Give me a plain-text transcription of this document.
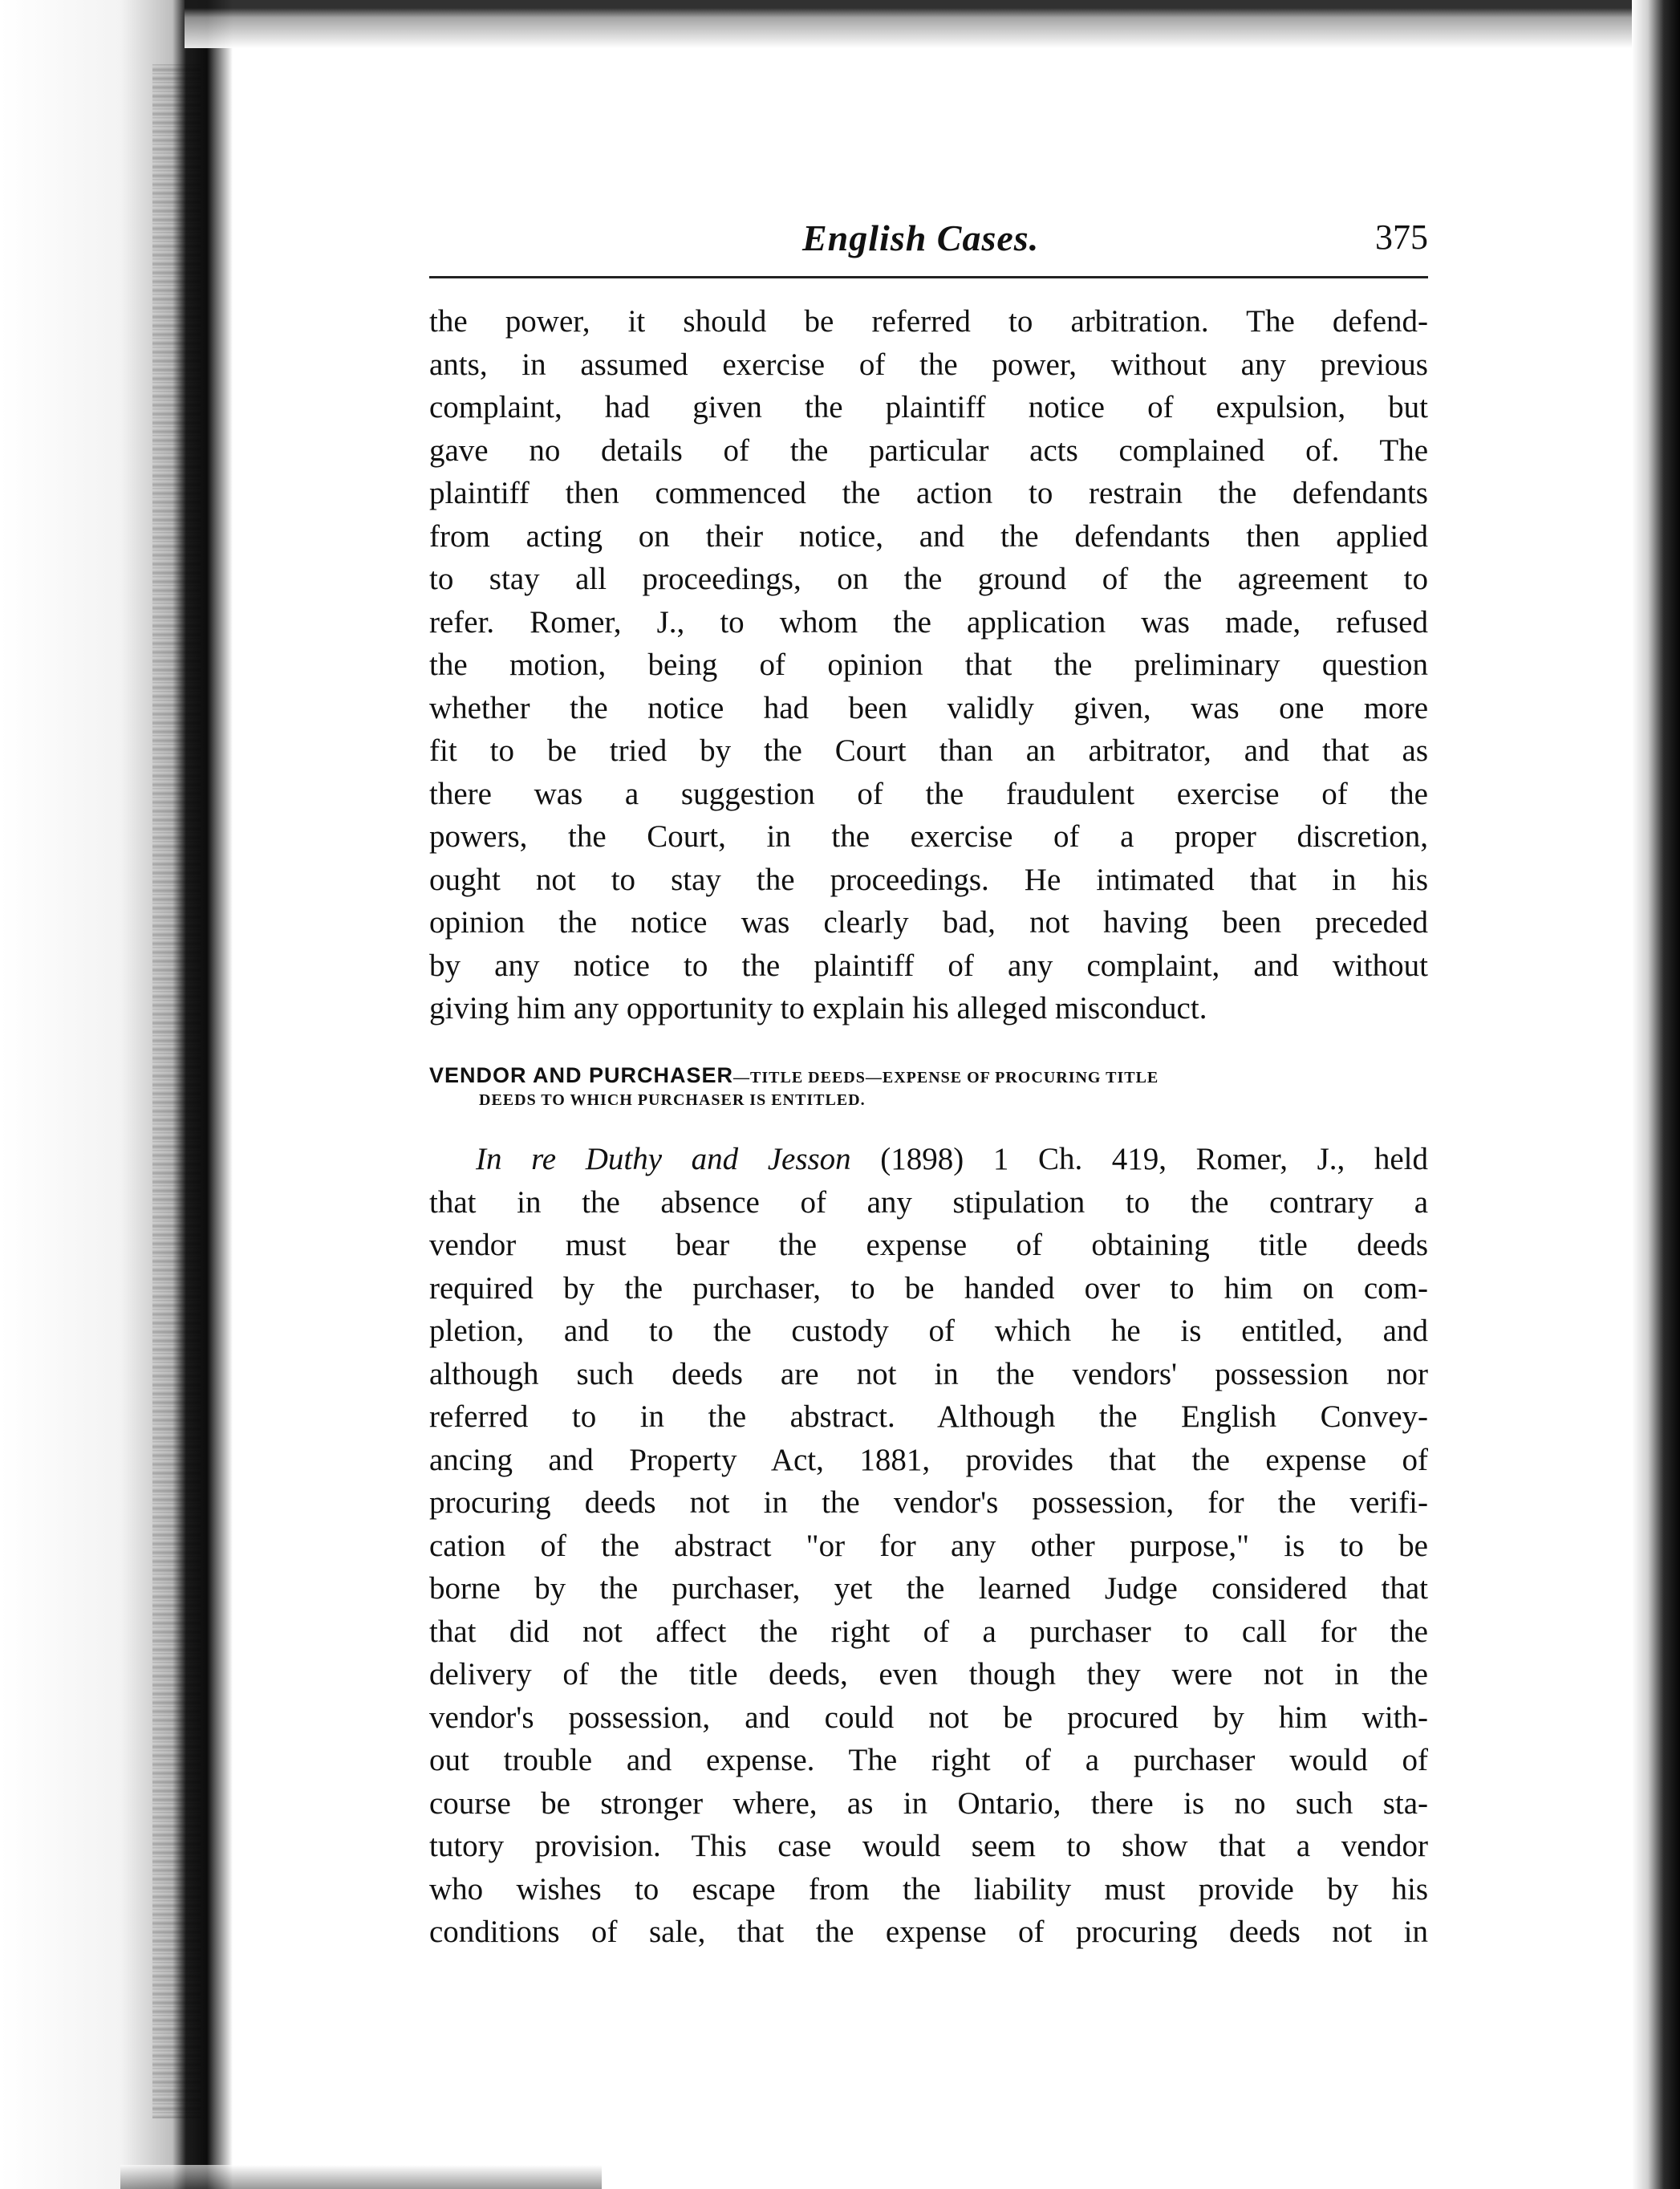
English Cases.	375
the power, it should be referred to arbitration. The defend-
ants, in assumed exercise of the power, without any previous
complaint, had given the plaintiff notice of expulsion, but
gave no details of the particular acts complained of. The
plaintiff then commenced the action to restrain the defendants
from acting on their notice, and the defendants then applied
to stay all proceedings, on the ground of the agreement to
refer. Romer, J., to whom the application was made, refused
the motion, being of opinion that the preliminary question
whether the notice had been validly given, was one more
fit to be tried by the Court than an arbitrator, and that as
there was a suggestion of the fraudulent exercise of the
powers, the Court, in the exercise of a proper discretion,
ought not to stay the proceedings. He intimated that in his
opinion the notice was clearly bad, not having been preceded
by any notice to the plaintiff of any complaint, and without
giving him any opportunity to explain his alleged misconduct.
VENDOR AND PURCHASER—TITLE DEEDS—EXPENSE OF PROCURING TITLE
DEEDS TO WHICH PURCHASER IS ENTITLED.
In re Duthy and Jesson (1898) 1 Ch. 419, Romer, J., held
that in the absence of any stipulation to the contrary a
vendor must bear the expense of obtaining title deeds
required by the purchaser, to be handed over to him on com-
pletion, and to the custody of which he is entitled, and
although such deeds are not in the vendors' possession nor
referred to in the abstract. Although the English Convey-
ancing and Property Act, 1881, provides that the expense of
procuring deeds not in the vendor's possession, for the verifi-
cation of the abstract "or for any other purpose," is to be
borne by the purchaser, yet the learned Judge considered that
that did not affect the right of a purchaser to call for the
delivery of the title deeds, even though they were not in the
vendor's possession, and could not be procured by him with-
out trouble and expense. The right of a purchaser would of
course be stronger where, as in Ontario, there is no such sta-
tutory provision. This case would seem to show that a vendor
who wishes to escape from the liability must provide by his
conditions of sale, that the expense of procuring deeds not in
